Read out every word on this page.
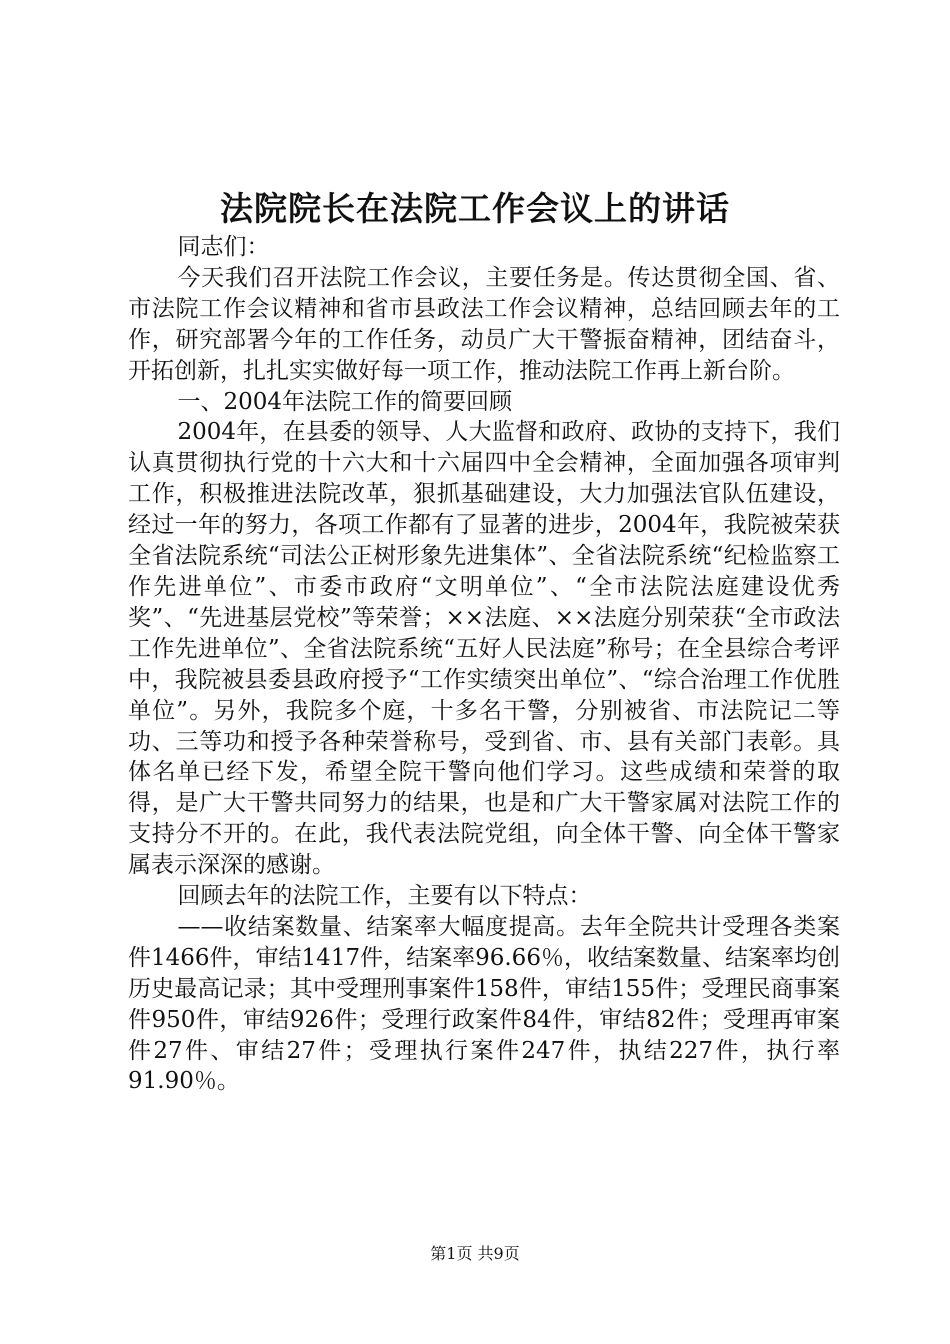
法院院长在法院工作会议上的讲话

同志们：

今天我们召开法院工作会议，主要任务是。传达贯彻全国、省、市法院工作会议精神和省市县政法工作会议精神，总结回顾去年的工作，研究部署今年的工作任务，动员广大干警振奋精神，团结奋斗，开拓创新，扎扎实实做好每一项工作，推动法院工作再上新台阶。

一、2004年法院工作的简要回顾

2004年，在县委的领导、人大监督和政府、政协的支持下，我们认真贯彻执行党的十六大和十六届四中全会精神，全面加强各项审判工作，积极推进法院改革，狠抓基础建设，大力加强法官队伍建设，经过一年的努力，各项工作都有了显著的进步，2004年，我院被荣获全省法院系统“司法公正树形象先进集体”、全省法院系统“纪检监察工作先进单位”、市委市政府“文明单位”、“全市法院法庭建设优秀奖”、“先进基层党校”等荣誉；××法庭、××法庭分别荣获“全市政法工作先进单位”、全省法院系统“五好人民法庭”称号；在全县综合考评中，我院被县委县政府授予“工作实绩突出单位”、“综合治理工作优胜单位”。另外，我院多个庭，十多名干警，分别被省、市法院记二等功、三等功和授予各种荣誉称号，受到省、市、县有关部门表彰。具体名单已经下发，希望全院干警向他们学习。这些成绩和荣誉的取得，是广大干警共同努力的结果，也是和广大干警家属对法院工作的支持分不开的。在此，我代表法院党组，向全体干警、向全体干警家属表示深深的感谢。

回顾去年的法院工作，主要有以下特点：

——收结案数量、结案率大幅度提高。去年全院共计受理各类案件1466件，审结1417件，结案率96.66％，收结案数量、结案率均创历史最高记录；其中受理刑事案件158件，审结155件；受理民商事案件950件，审结926件；受理行政案件84件，审结82件；受理再审案件27件、审结27件；受理执行案件247件，执结227件，执行率91.90％。

第1页 共9页
